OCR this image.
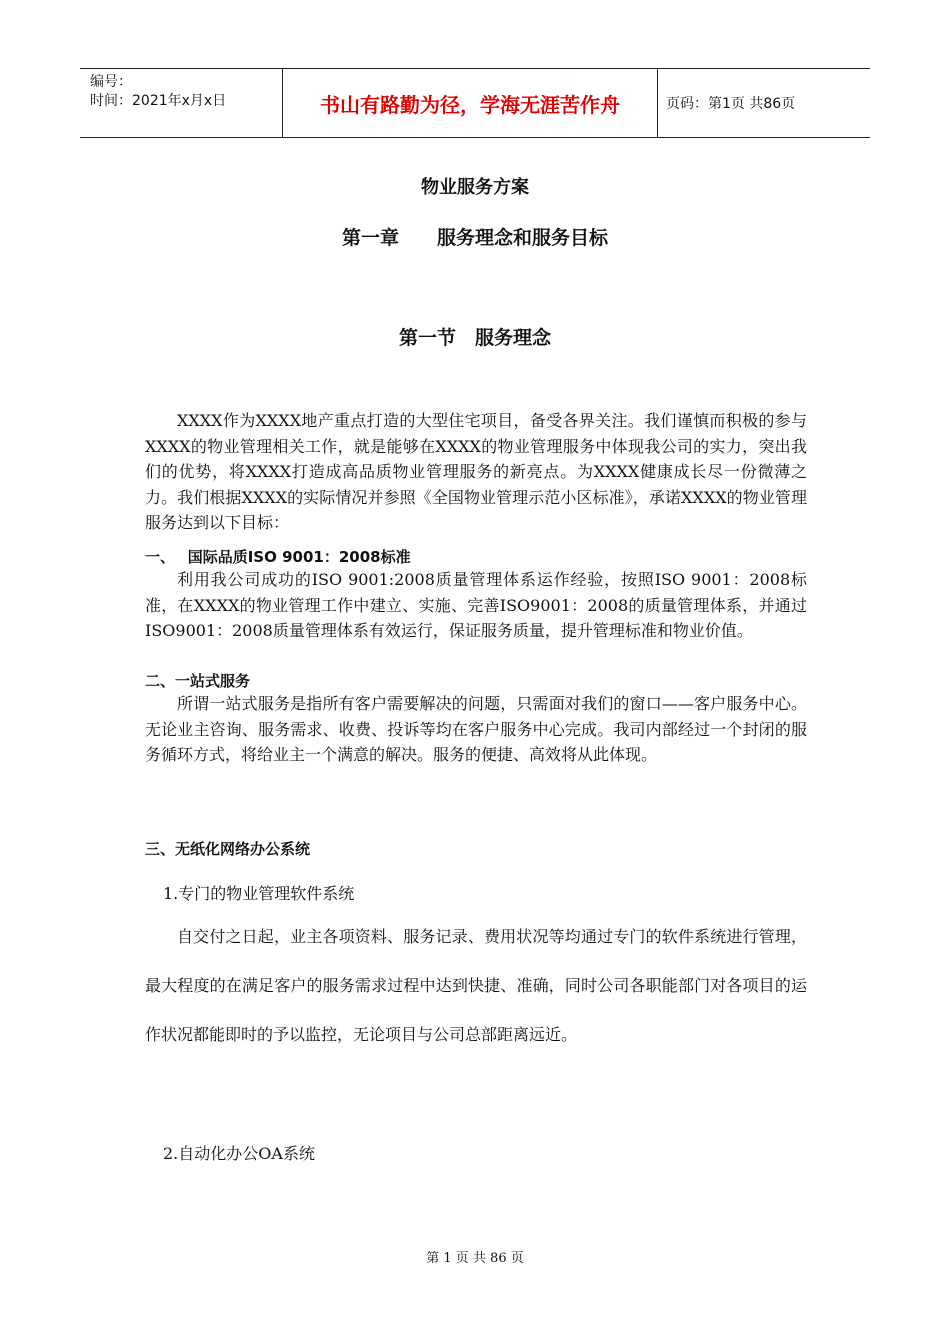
编号：
时间：2021年x月x日	书山有路勤为径，学海无涯苦作舟	页码：第1页 共86页
物业服务方案
第一章　　服务理念和服务目标
第一节　服务理念

XXXX作为XXXX地产重点打造的大型住宅项目，备受各界关注。我们谨慎而积极的参与XXXX的物业管理相关工作，就是能够在XXXX的物业管理服务中体现我公司的实力，突出我们的优势，将XXXX打造成高品质物业管理服务的新亮点。为XXXX健康成长尽一份微薄之力。我们根据XXXX的实际情况并参照《全国物业管理示范小区标准》，承诺XXXX的物业管理服务达到以下目标：

一、　 国际品质ISO 9001：2008标准

利用我公司成功的ISO 9001:2008质量管理体系运作经验，按照ISO 9001：2008标准，在XXXX的物业管理工作中建立、实施、完善ISO9001：2008的质量管理体系，并通过ISO9001：2008质量管理体系有效运行，保证服务质量，提升管理标准和物业价值。

二、一站式服务

所谓一站式服务是指所有客户需要解决的问题，只需面对我们的窗口——客户服务中心。无论业主咨询、服务需求、收费、投诉等均在客户服务中心完成。我司内部经过一个封闭的服务循环方式，将给业主一个满意的解决。服务的便捷、高效将从此体现。

三、无纸化网络办公系统
1.专门的物业管理软件系统

自交付之日起，业主各项资料、服务记录、费用状况等均通过专门的软件系统进行管理，最大程度的在满足客户的服务需求过程中达到快捷、准确，同时公司各职能部门对各项目的运作状况都能即时的予以监控，无论项目与公司总部距离远近。

2.自动化办公OA系统
第 1 页 共 86 页
